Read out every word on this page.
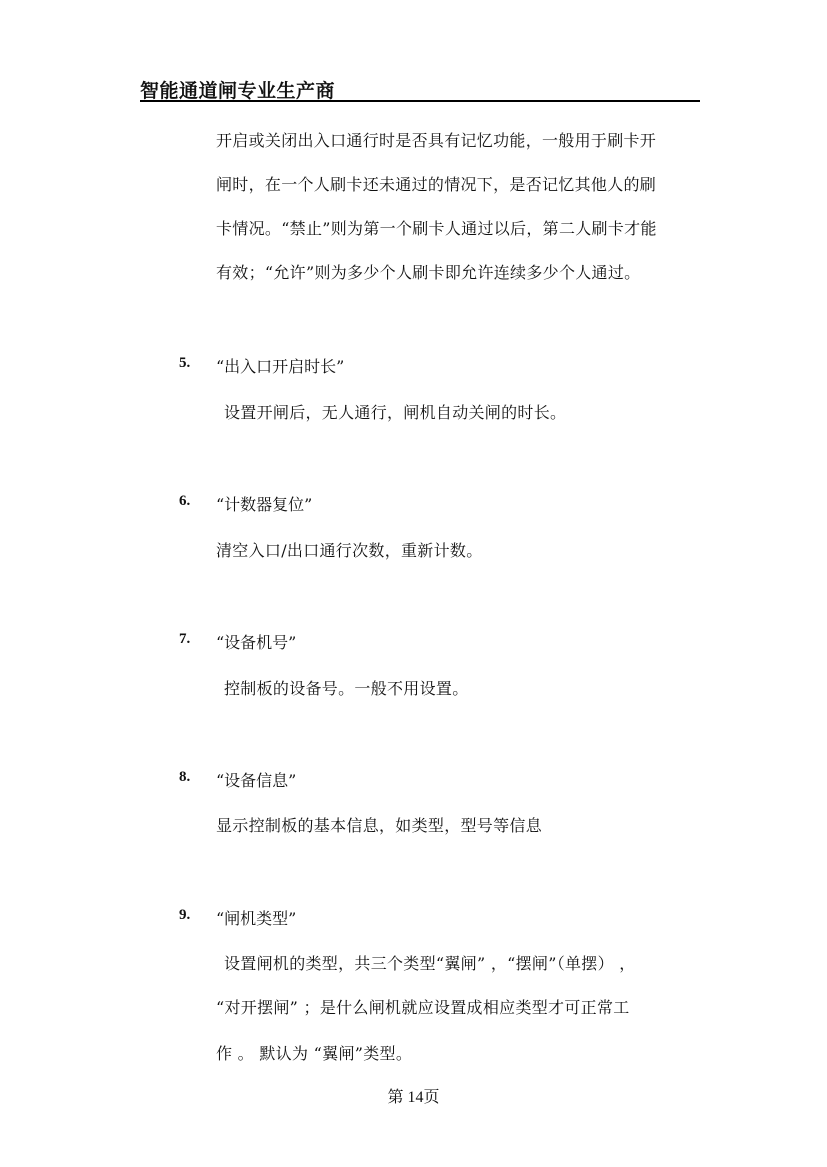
智能通道闸专业生产商
开启或关闭出入口通行时是否具有记忆功能，一般用于刷卡开
闸时，在一个人刷卡还未通过的情况下，是否记忆其他人的刷
卡情况。“禁止”则为第一个刷卡人通过以后，第二人刷卡才能
有效；“允许”则为多少个人刷卡即允许连续多少个人通过。
5. “出入口开启时长”
设置开闸后，无人通行，闸机自动关闸的时长。
6. “计数器复位”
清空入口/出口通行次数，重新计数。
7. “设备机号”
控制板的设备号。一般不用设置。
8. “设备信息”
显示控制板的基本信息，如类型，型号等信息
9. “闸机类型”
设置闸机的类型，共三个类型“翼闸” ，“摆闸”（单摆） ，
“对开摆闸” ；是什么闸机就应设置成相应类型才可正常工
作 。 默认为 “翼闸”类型。
第 14页
